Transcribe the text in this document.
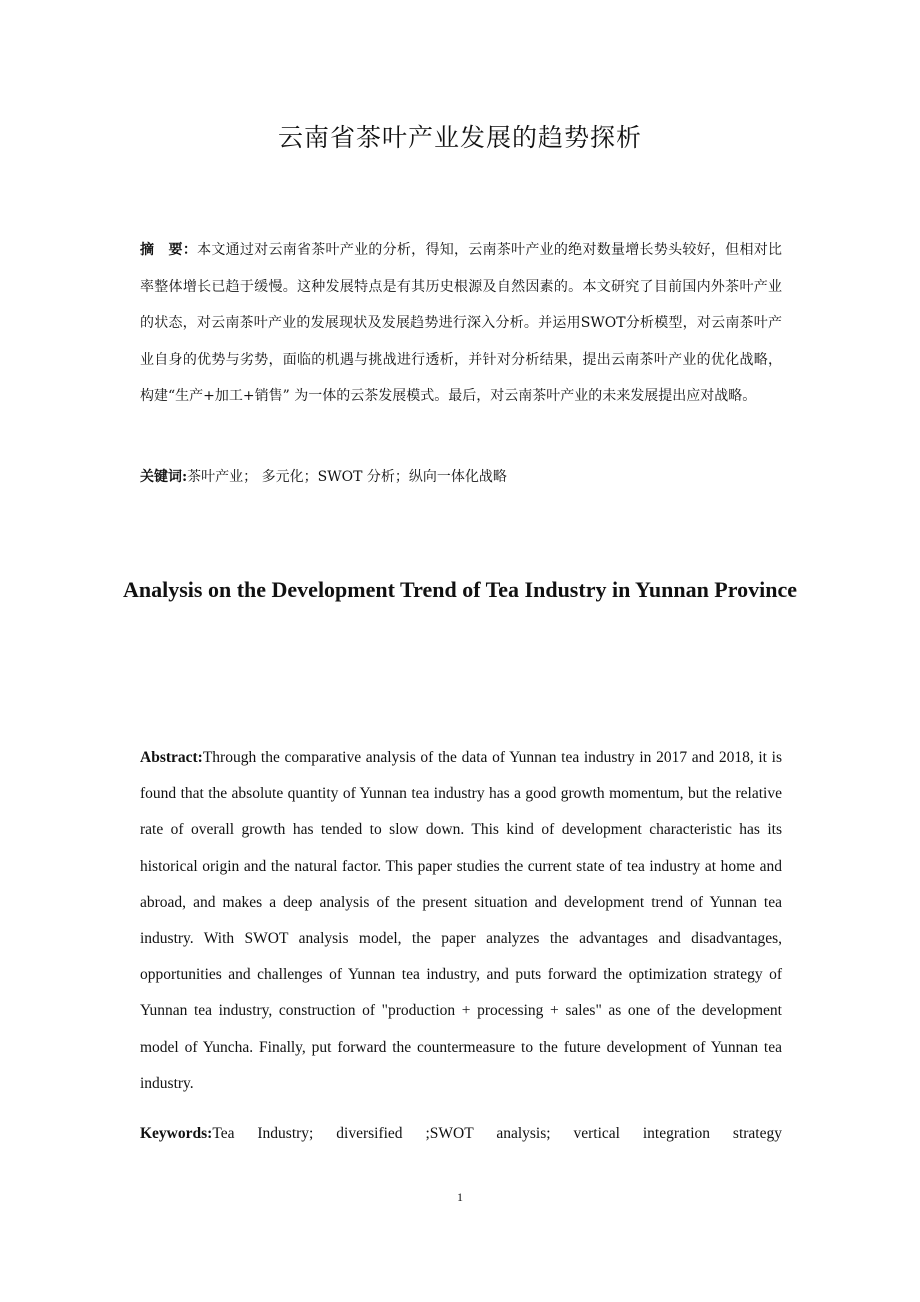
云南省茶叶产业发展的趋势探析

摘　要：本文通过对云南省茶叶产业的分析，得知，云南茶叶产业的绝对数量增长势头较好，但相对比率整体增长已趋于缓慢。这种发展特点是有其历史根源及自然因素的。本文研究了目前国内外茶叶产业的状态，对云南茶叶产业的发展现状及发展趋势进行深入分析。并运用SWOT分析模型，对云南茶叶产业自身的优势与劣势，面临的机遇与挑战进行透析，并针对分析结果，提出云南茶叶产业的优化战略，构建“生产+加工+销售” 为一体的云茶发展模式。最后，对云南茶叶产业的未来发展提出应对战略。

关键词:茶叶产业； 多元化；SWOT 分析；纵向一体化战略

Analysis on the Development Trend of Tea Industry in Yunnan Province

Abstract:Through the comparative analysis of the data of Yunnan tea industry in 2017 and 2018, it is found that the absolute quantity of Yunnan tea industry has a good growth momentum, but the relative rate of overall growth has tended to slow down. This kind of development characteristic has its historical origin and the natural factor. This paper studies the current state of tea industry at home and abroad, and makes a deep analysis of the present situation and development trend of Yunnan tea industry. With SWOT analysis model, the paper analyzes the advantages and disadvantages, opportunities and challenges of Yunnan tea industry, and puts forward the optimization strategy of Yunnan tea industry, construction of "production + processing + sales" as one of the development model of Yuncha. Finally, put forward the countermeasure to the future development of Yunnan tea industry.

Keywords:Tea Industry; diversified ;SWOT analysis; vertical integration strategy

1
